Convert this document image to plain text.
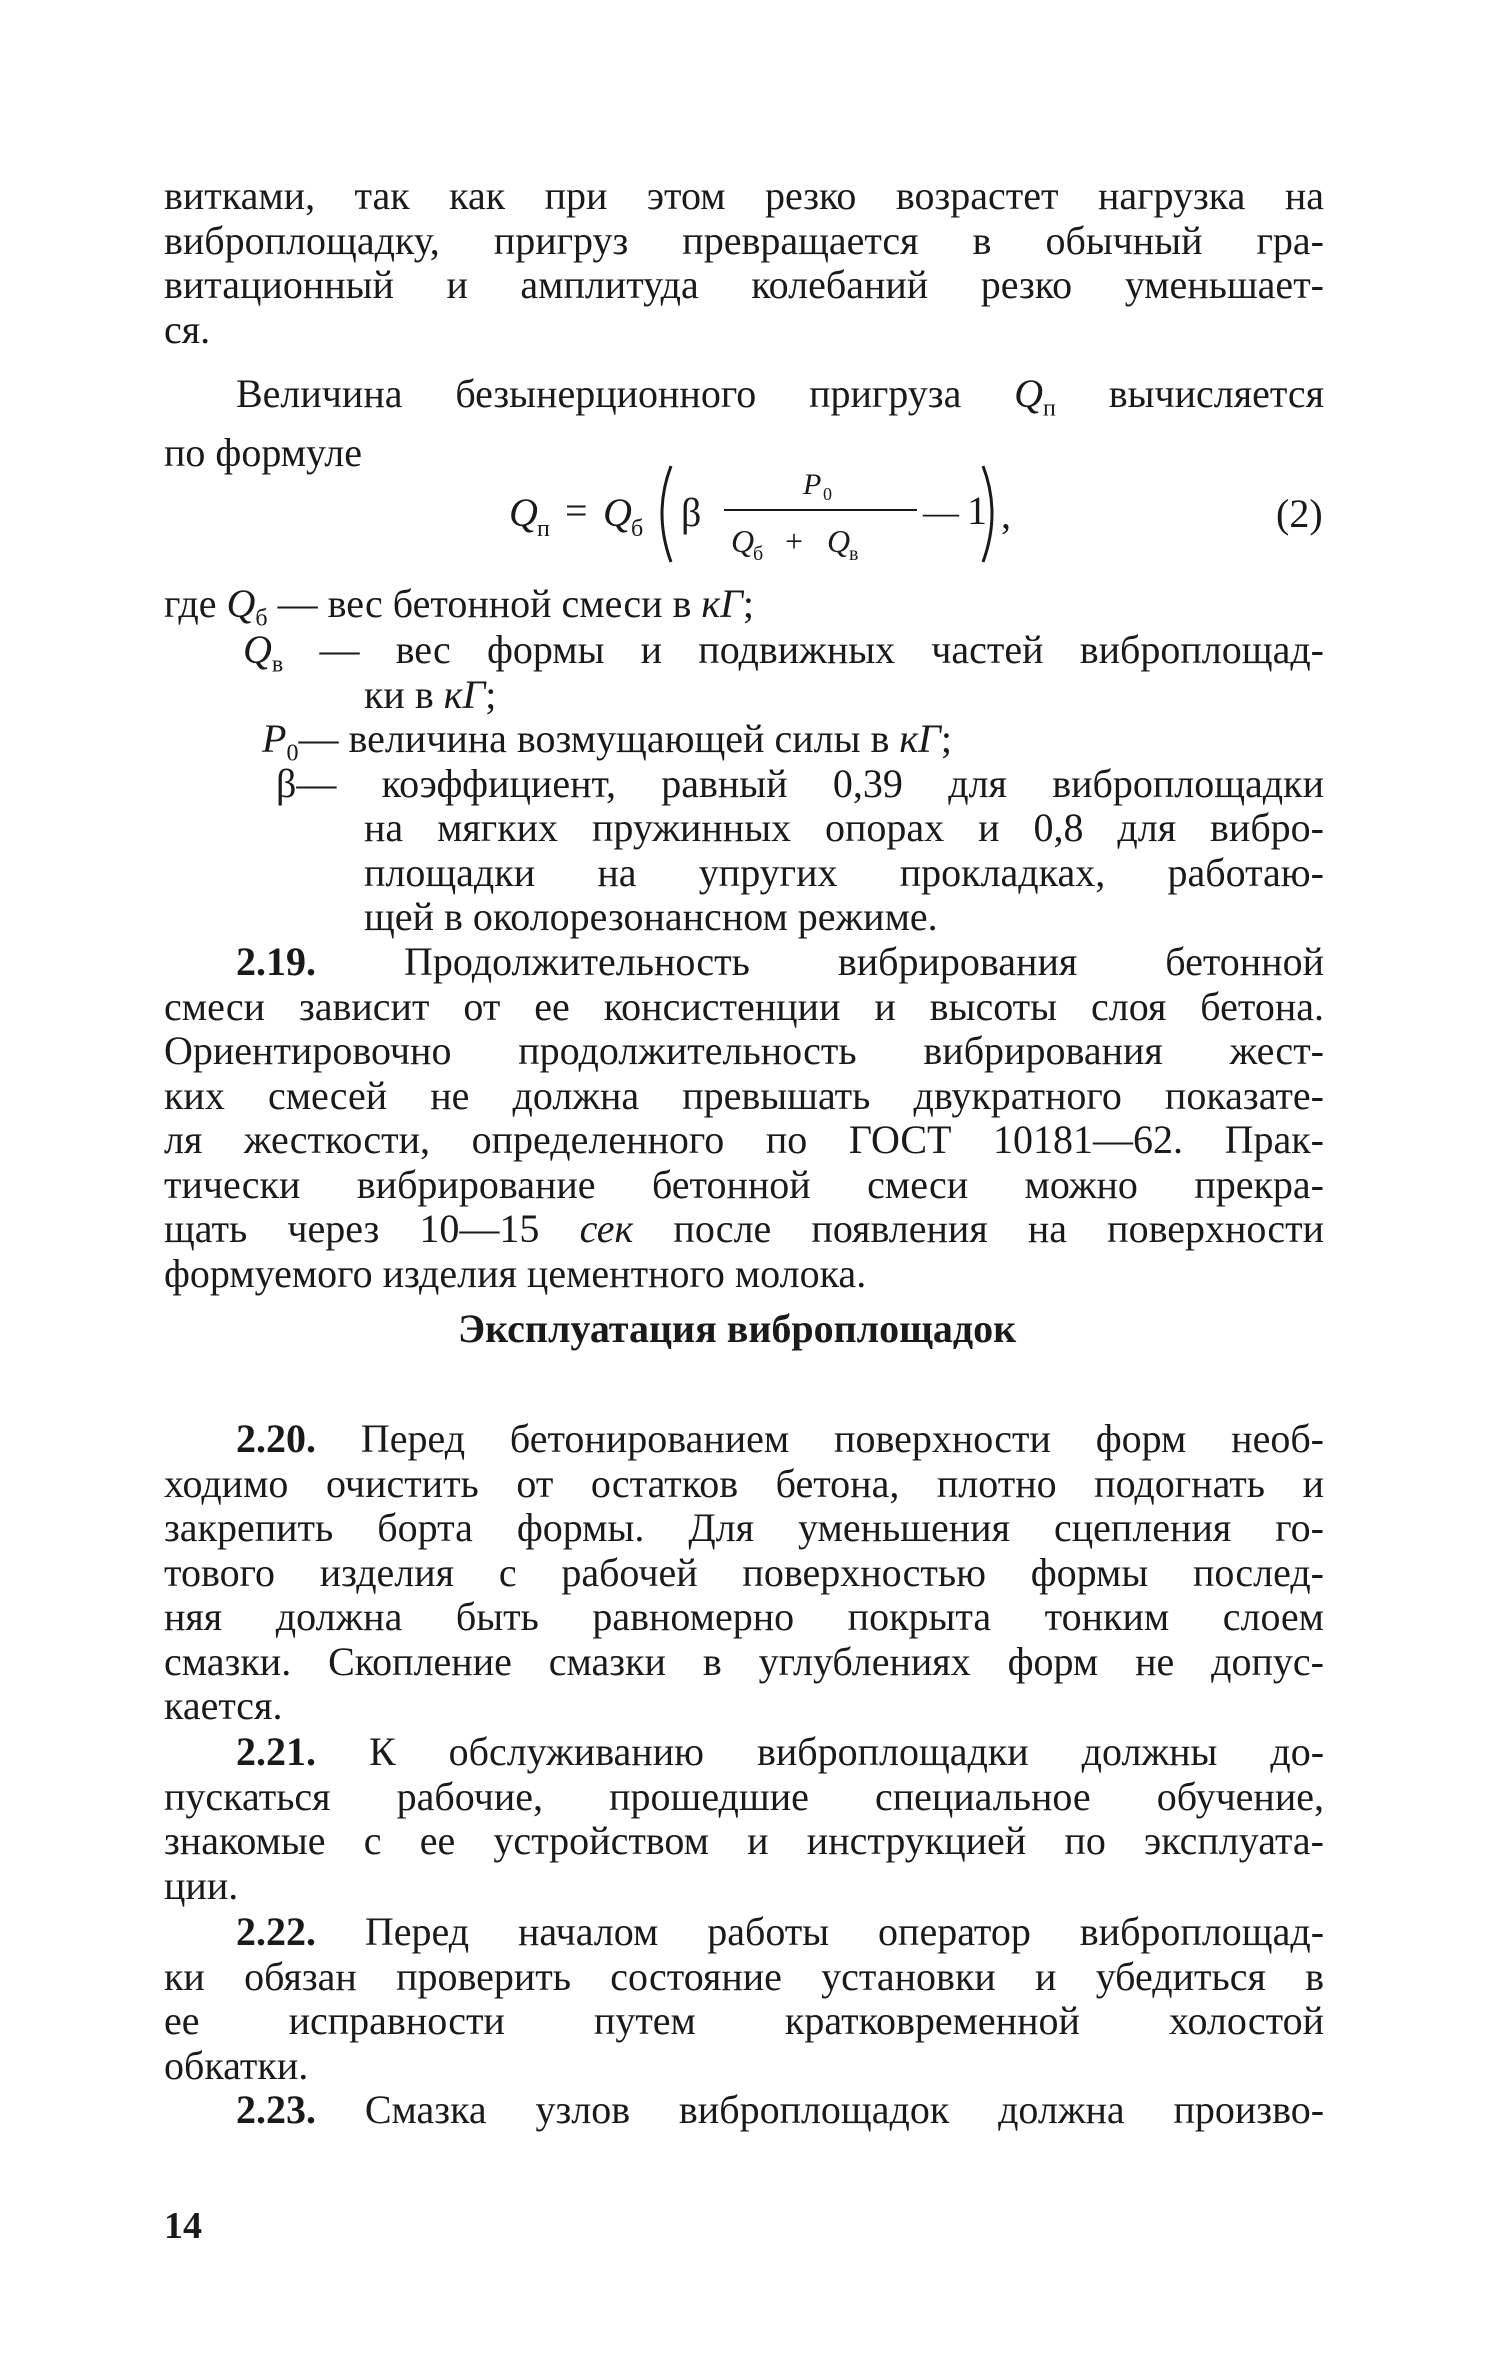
витками, так как при этом резко возрастет нагрузка на
виброплощадку, пригруз превращается в обычный гра-
витационный и амплитуда колебаний резко уменьшает-
ся.
Величина безынерционного пригруза $Q_п$ вычисляется
по формуле
Q п = Q б β
P 0
Q
б + Q
в
— 1 ,	(2)
где $Q_б$ — вес бетонной смеси в кГ;
$Q_в$ — вес формы и подвижных частей виброплощад-
ки в кГ;
$P_0—$ величина возмущающей силы в кГ;
β— коэффициент, равный 0,39 для виброплощадки
на мягких пружинных опорах и 0,8 для вибро-
площадки на упругих прокладках, работаю-
щей в околорезонансном режиме.
2.19. Продолжительность вибрирования бетонной
смеси зависит от ее консистенции и высоты слоя бетона.
Ориентировочно продолжительность вибрирования жест-
ких смесей не должна превышать двукратного показате-
ля жесткости, определенного по ГОСТ 10181—62. Прак-
тически вибрирование бетонной смеси можно прекра-
щать через 10—15 сек после появления на поверхности
формуемого изделия цементного молока.
Эксплуатация виброплощадок
2.20. Перед бетонированием поверхности форм необ-
ходимо очистить от остатков бетона, плотно подогнать и
закрепить борта формы. Для уменьшения сцепления го-
тового изделия с рабочей поверхностью формы послед-
няя должна быть равномерно покрыта тонким слоем
смазки. Скопление смазки в углублениях форм не допус-
кается.
2.21. К обслуживанию виброплощадки должны до-
пускаться рабочие, прошедшие специальное обучение,
знакомые с ее устройством и инструкцией по эксплуата-
ции.
2.22. Перед началом работы оператор виброплощад-
ки обязан проверить состояние установки и убедиться в
ее исправности путем кратковременной холостой
обкатки.
2.23. Смазка узлов виброплощадок должна произво-
14
